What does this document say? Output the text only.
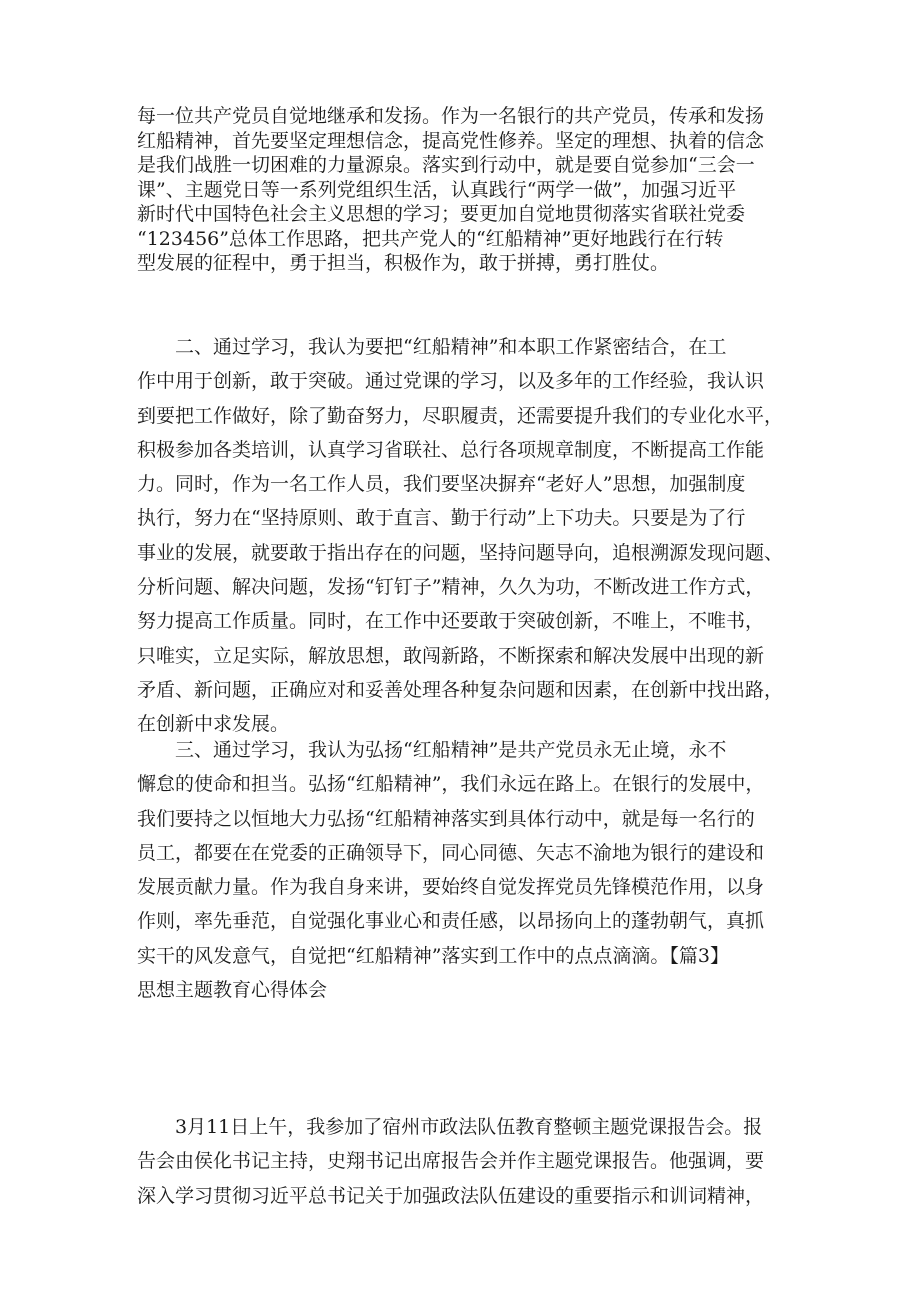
每一位共产党员自觉地继承和发扬。作为一名银行的共产党员，传承和发扬
红船精神，首先要坚定理想信念，提高党性修养。坚定的理想、执着的信念
是我们战胜一切困难的力量源泉。落实到行动中，就是要自觉参加“三会一
课”、主题党日等一系列党组织生活，认真践行“两学一做”，加强习近平
新时代中国特色社会主义思想的学习；要更加自觉地贯彻落实省联社党委
“123456”总体工作思路，把共产党人的“红船精神”更好地践行在行转
型发展的征程中，勇于担当，积极作为，敢于拼搏，勇打胜仗。
　　二、通过学习，我认为要把“红船精神”和本职工作紧密结合，在工
作中用于创新，敢于突破。通过党课的学习，以及多年的工作经验，我认识
到要把工作做好，除了勤奋努力，尽职履责，还需要提升我们的专业化水平，
积极参加各类培训，认真学习省联社、总行各项规章制度，不断提高工作能
力。同时，作为一名工作人员，我们要坚决摒弃“老好人”思想，加强制度
执行，努力在“坚持原则、敢于直言、勤于行动”上下功夫。只要是为了行
事业的发展，就要敢于指出存在的问题，坚持问题导向，追根溯源发现问题、
分析问题、解决问题，发扬“钉钉子”精神，久久为功，不断改进工作方式，
努力提高工作质量。同时，在工作中还要敢于突破创新，不唯上，不唯书，
只唯实，立足实际，解放思想，敢闯新路，不断探索和解决发展中出现的新
矛盾、新问题，正确应对和妥善处理各种复杂问题和因素，在创新中找出路，
在创新中求发展。
　　三、通过学习，我认为弘扬“红船精神”是共产党员永无止境，永不
懈怠的使命和担当。弘扬“红船精神”，我们永远在路上。在银行的发展中，
我们要持之以恒地大力弘扬“红船精神落实到具体行动中，就是每一名行的
员工，都要在在党委的正确领导下，同心同德、矢志不渝地为银行的建设和
发展贡献力量。作为我自身来讲，要始终自觉发挥党员先锋模范作用，以身
作则，率先垂范，自觉强化事业心和责任感，以昂扬向上的蓬勃朝气，真抓
实干的风发意气，自觉把“红船精神”落实到工作中的点点滴滴。【篇3】
思想主题教育心得体会
　　3月11日上午，我参加了宿州市政法队伍教育整顿主题党课报告会。报
告会由侯化书记主持，史翔书记出席报告会并作主题党课报告。他强调，要
深入学习贯彻习近平总书记关于加强政法队伍建设的重要指示和训词精神，
